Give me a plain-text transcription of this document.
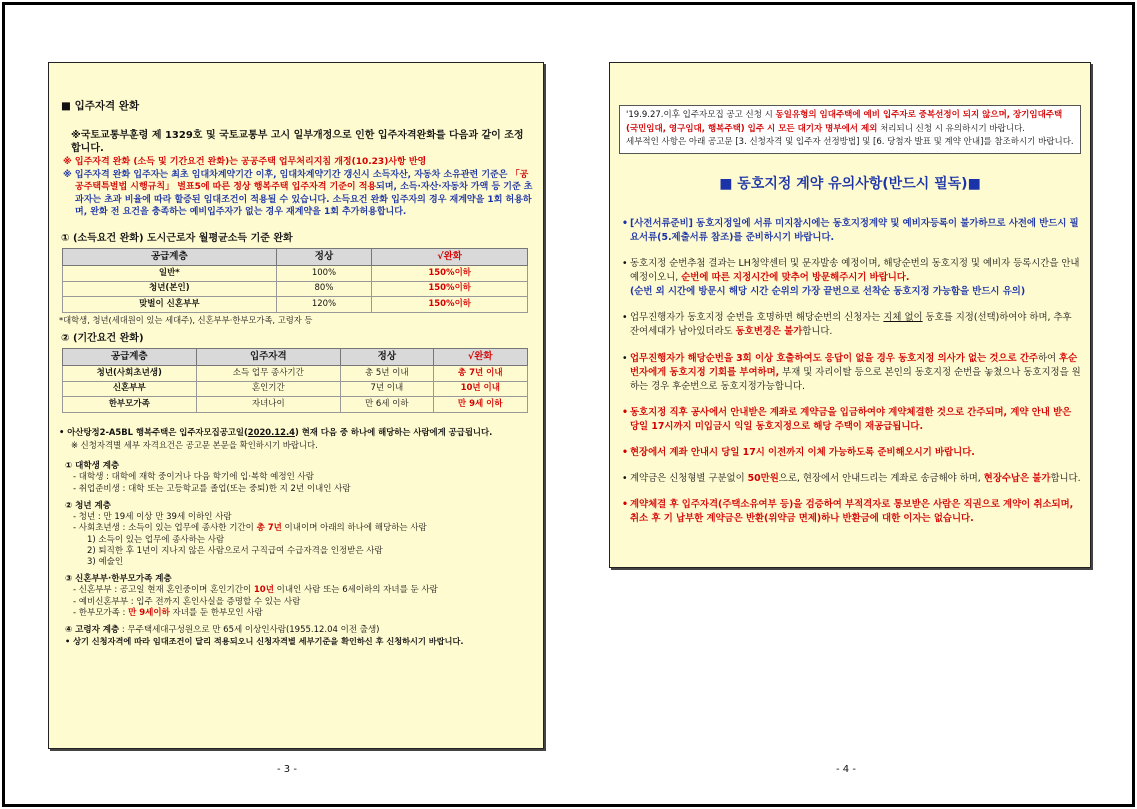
■ 입주자격 완화
※국토교통부훈령 제 1329호 및 국토교통부 고시 일부개정으로 인한 입주자격완화를 다음과 같이 조정합니다.
※ 입주자격 완화 (소득 및 기간요건 완화)는 공공주택 업무처리지침 개정(10.23)사항 반영
※ 입주자격 완화 입주자는 최초 임대차계약기간 이후, 임대차계약기간 갱신시 소득자산, 자동차 소유관련 기준은 「공공주택특별법 시행규칙」 별표5에 따른 정상 행복주택 입주자격 기준이 적용되며, 소득·자산·자동차 가액 등 기준 초과자는 초과 비율에 따라 할증된 임대조건이 적용될 수 있습니다. 소득요건 완화 입주자의 경우 재계약을 1회 허용하며, 완화 전 요건을 충족하는 예비입주자가 없는 경우 재계약을 1회 추가허용합니다.
① (소득요건 완화) 도시근로자 월평균소득 기준 완화
공급계층	정상	√완화
일반*	100%	150%이하
청년(본인)	80%	150%이하
맞벌이 신혼부부	120%	150%이하
*대학생, 청년(세대원이 있는 세대주), 신혼부부·한부모가족, 고령자 등
② (기간요건 완화)
공급계층	입주자격	정상	√완화
청년(사회초년생)	소득 업무 종사기간	총 5년 이내	총 7년 이내
신혼부부	혼인기간	7년 이내	10년 이내
한부모가족	자녀나이	만 6세 이하	만 9세 이하
• 아산탕정2-A5BL 행복주택은 입주자모집공고일(2020.12.4) 현재 다음 중 하나에 해당하는 사람에게 공급됩니다.
※ 신청자격별 세부 자격요건은 공고문 본문을 확인하시기 바랍니다.
① 대학생 계층
- 대학생 : 대학에 재학 중이거나 다음 학기에 입·복학 예정인 사람
- 취업준비생 : 대학 또는 고등학교를 졸업(또는 중퇴)한 지 2년 이내인 사람
② 청년 계층
- 청년 : 만 19세 이상 만 39세 이하인 사람
- 사회초년생 : 소득이 있는 업무에 종사한 기간이 총 7년 이내이며 아래의 하나에 해당하는 사람
1) 소득이 있는 업무에 종사하는 사람
2) 퇴직한 후 1년이 지나지 않은 사람으로서 구직급여 수급자격을 인정받은 사람
3) 예술인
③ 신혼부부·한부모가족 계층
- 신혼부부 : 공고일 현재 혼인중이며 혼인기간이 10년 이내인 사람 또는 6세이하의 자녀를 둔 사람
- 예비신혼부부 : 입주 전까지 혼인사실을 증명할 수 있는 사람
- 한부모가족 : 만 9세이하 자녀를 둔 한부모인 사람
④ 고령자 계층 : 무주택세대구성원으로 만 65세 이상인사람(1955.12.04 이전 출생)
• 상기 신청자격에 따라 임대조건이 달리 적용되오니 신청자격별 세부기준을 확인하신 후 신청하시기 바랍니다.
'19.9.27.이후 입주자모집 공고 신청 시 동일유형의 임대주택에 예비 입주자로 중복선정이 되지 않으며, 장기임대주택(국민임대, 영구임대, 행복주택) 입주 시 모든 대기자 명부에서 제외 처리되니 신청 시 유의하시기 바랍니다.
세부적인 사항은 아래 공고문 [3. 신청자격 및 입주자 선정방법] 및 [6. 당첨자 발표 및 계약 안내]를 참조하시기 바랍니다.
■ 동호지정 계약 유의사항(반드시 필독)■
• [사전서류준비] 동호지정일에 서류 미지참시에는 동호지정계약 및 예비자등록이 불가하므로 사전에 반드시 필요서류(5.제출서류 참조)를 준비하시기 바랍니다.
• 동호지정 순번추첨 결과는 LH청약센터 및 문자발송 예정이며, 해당순번의 동호지정 및 예비자 등록시간을 안내예정이오니, 순번에 따른 지정시간에 맞추어 방문해주시기 바랍니다.
(순번 외 시간에 방문시 해당 시간 순위의 가장 끝번으로 선착순 동호지정 가능함을 반드시 유의)
• 업무진행자가 동호지정 순번을 호명하면 해당순번의 신청자는 지체 없이 동호를 지정(선택)하여야 하며, 추후 잔여세대가 남아있더라도 동호변경은 불가합니다.
• 업무진행자가 해당순번을 3회 이상 호출하여도 응답이 없을 경우 동호지정 의사가 없는 것으로 간주하여 후순번자에게 동호지정 기회를 부여하며, 부재 및 자리이탈 등으로 본인의 동호지정 순번을 놓쳤으나 동호지정을 원하는 경우 후순번으로 동호지정가능합니다.
• 동호지정 직후 공사에서 안내받은 계좌로 계약금을 입금하여야 계약체결한 것으로 간주되며, 계약 안내 받은 당일 17시까지 미입금시 익일 동호지정으로 해당 주택이 재공급됩니다.
• 현장에서 계좌 안내시 당일 17시 이전까지 이체 가능하도록 준비해오시기 바랍니다.
• 계약금은 신청형별 구분없이 50만원으로, 현장에서 안내드리는 계좌로 송금해야 하며, 현장수납은 불가합니다.
• 계약체결 후 입주자격(주택소유여부 등)을 검증하여 부적격자로 통보받은 사람은 직권으로 계약이 취소되며, 취소 후 기 납부한 계약금은 반환(위약금 면제)하나 반환금에 대한 이자는 없습니다.
- 3 -	- 4 -
